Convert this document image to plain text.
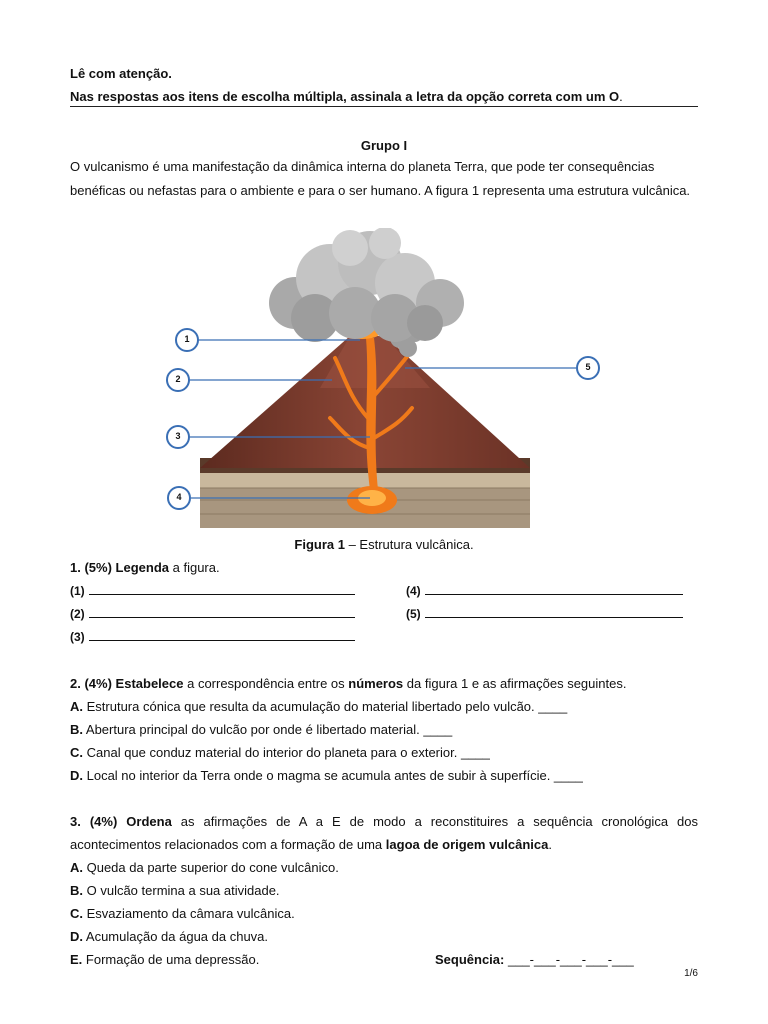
Lê com atenção.
Nas respostas aos itens de escolha múltipla, assinala a letra da opção correta com um O.
Grupo I
O vulcanismo é uma manifestação da dinâmica interna do planeta Terra, que pode ter consequências benéficas ou nefastas para o ambiente e para o ser humano. A figura 1 representa uma estrutura vulcânica.
1
2
3
4
5
Figura 1 – Estrutura vulcânica.
1. (5%) Legenda a figura.
(1)
(2)
(3)
(4)
(5)
2. (4%) Estabelece a correspondência entre os números da figura 1 e as afirmações seguintes.
A. Estrutura cónica que resulta da acumulação do material libertado pelo vulcão. ____
B. Abertura principal do vulcão por onde é libertado material. ____
C. Canal que conduz material do interior do planeta para o exterior. ____
D. Local no interior da Terra onde o magma se acumula antes de subir à superfície. ____
3. (4%) Ordena as afirmações de A a E de modo a reconstituires a sequência cronológica dos
acontecimentos relacionados com a formação de uma lagoa de origem vulcânica.
A. Queda da parte superior do cone vulcânico.
B. O vulcão termina a sua atividade.
C. Esvaziamento da câmara vulcânica.
D. Acumulação da água da chuva.
E. Formação de uma depressão.	Sequência: ___-___-___-___-___
1/6
